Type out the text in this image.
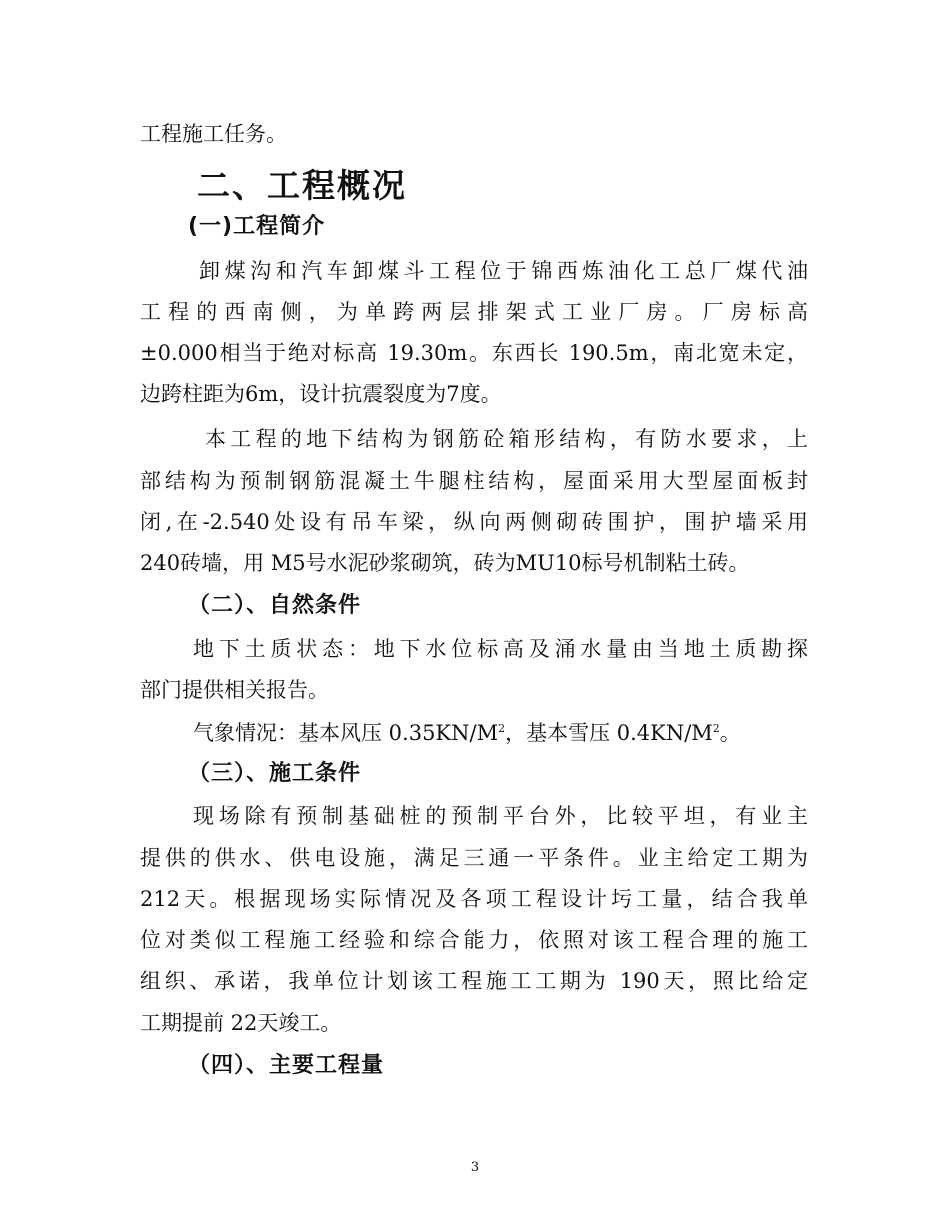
工程施工任务。

二、工程概况
(一)工程简介

卸煤沟和汽车卸煤斗工程位于锦西炼油化工总厂煤代油

工程的西南侧，为单跨两层排架式工业厂房。厂房标高

±0.000相当于绝对标高 19.30m。东西长 190.5m，南北宽未定，

边跨柱距为6m，设计抗震裂度为7度。

本工程的地下结构为钢筋砼箱形结构，有防水要求，上

部结构为预制钢筋混凝土牛腿柱结构，屋面采用大型屋面板封

闭,在-2.540处设有吊车梁，纵向两侧砌砖围护，围护墙采用

240砖墙，用 M5号水泥砂浆砌筑，砖为MU10标号机制粘土砖。

（二）、自然条件

地下土质状态：地下水位标高及涌水量由当地土质勘探

部门提供相关报告。

气象情况：基本风压 $0.35KN/M^2$，基本雪压 $0.4KN/M^2$。

（三）、施工条件

现场除有预制基础桩的预制平台外，比较平坦，有业主

提供的供水、供电设施，满足三通一平条件。业主给定工期为

212天。根据现场实际情况及各项工程设计圬工量，结合我单

位对类似工程施工经验和综合能力，依照对该工程合理的施工

组织、承诺，我单位计划该工程施工工期为 190天，照比给定

工期提前 22天竣工。

（四）、主要工程量
3
